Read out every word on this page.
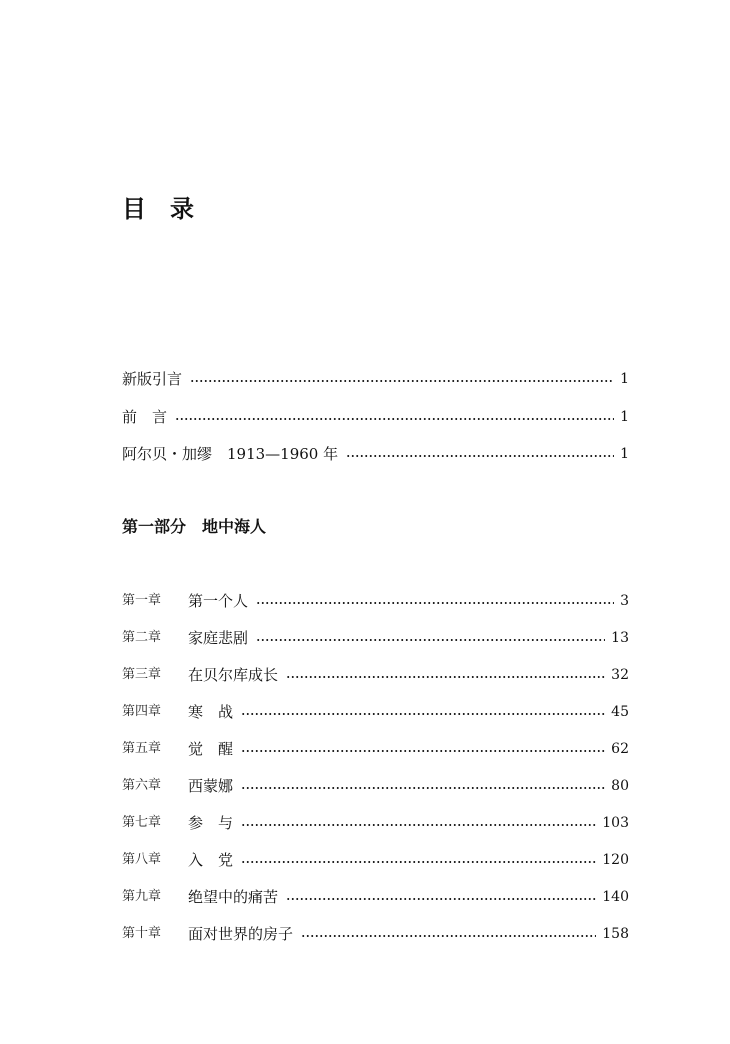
目　录
新版引言	1
前　言	1
阿尔贝・加缪　1913—1960 年	1
第一部分　地中海人
第一章	第一个人	3
第二章	家庭悲剧	13
第三章	在贝尔库成长	32
第四章	寒　战	45
第五章	觉　醒	62
第六章	西蒙娜	80
第七章	参　与	103
第八章	入　党	120
第九章	绝望中的痛苦	140
第十章	面对世界的房子	158
